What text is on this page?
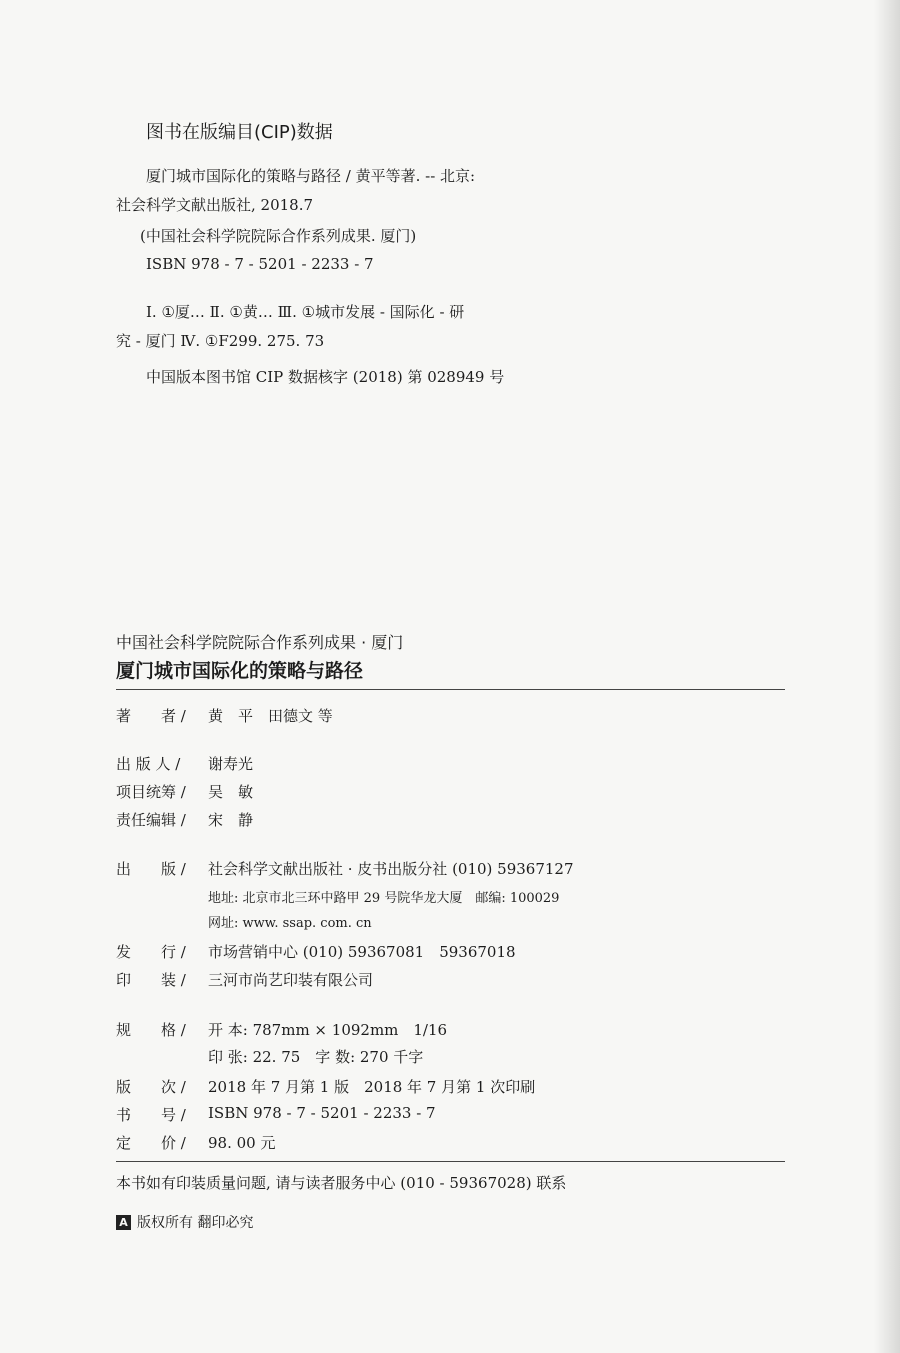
图书在版编目(CIP)数据
厦门城市国际化的策略与路径 / 黄平等著. -- 北京:
社会科学文献出版社, 2018.7
(中国社会科学院院际合作系列成果. 厦门)
ISBN 978 - 7 - 5201 - 2233 - 7
Ⅰ. ①厦… Ⅱ. ①黄… Ⅲ. ①城市发展 - 国际化 - 研
究 - 厦门 Ⅳ. ①F299. 275. 73
中国版本图书馆 CIP 数据核字 (2018) 第 028949 号
中国社会科学院院际合作系列成果 · 厦门
厦门城市国际化的策略与路径
著　　者 / 黄　平　田德文 等
出 版 人 / 谢寿光
项目统筹 / 吴　敏
责任编辑 / 宋　静
出　　版 / 社会科学文献出版社 · 皮书出版分社 (010) 59367127
地址: 北京市北三环中路甲 29 号院华龙大厦　邮编: 100029
网址: www. ssap. com. cn
发　　行 / 市场营销中心 (010) 59367081　59367018
印　　装 / 三河市尚艺印装有限公司
规　　格 / 开 本: 787mm × 1092mm　1/16
印 张: 22. 75　字 数: 270 千字
版　　次 / 2018 年 7 月第 1 版　2018 年 7 月第 1 次印刷
书　　号 / ISBN 978 - 7 - 5201 - 2233 - 7
定　　价 / 98. 00 元
本书如有印装质量问题, 请与读者服务中心 (010 - 59367028) 联系
A 版权所有 翻印必究
